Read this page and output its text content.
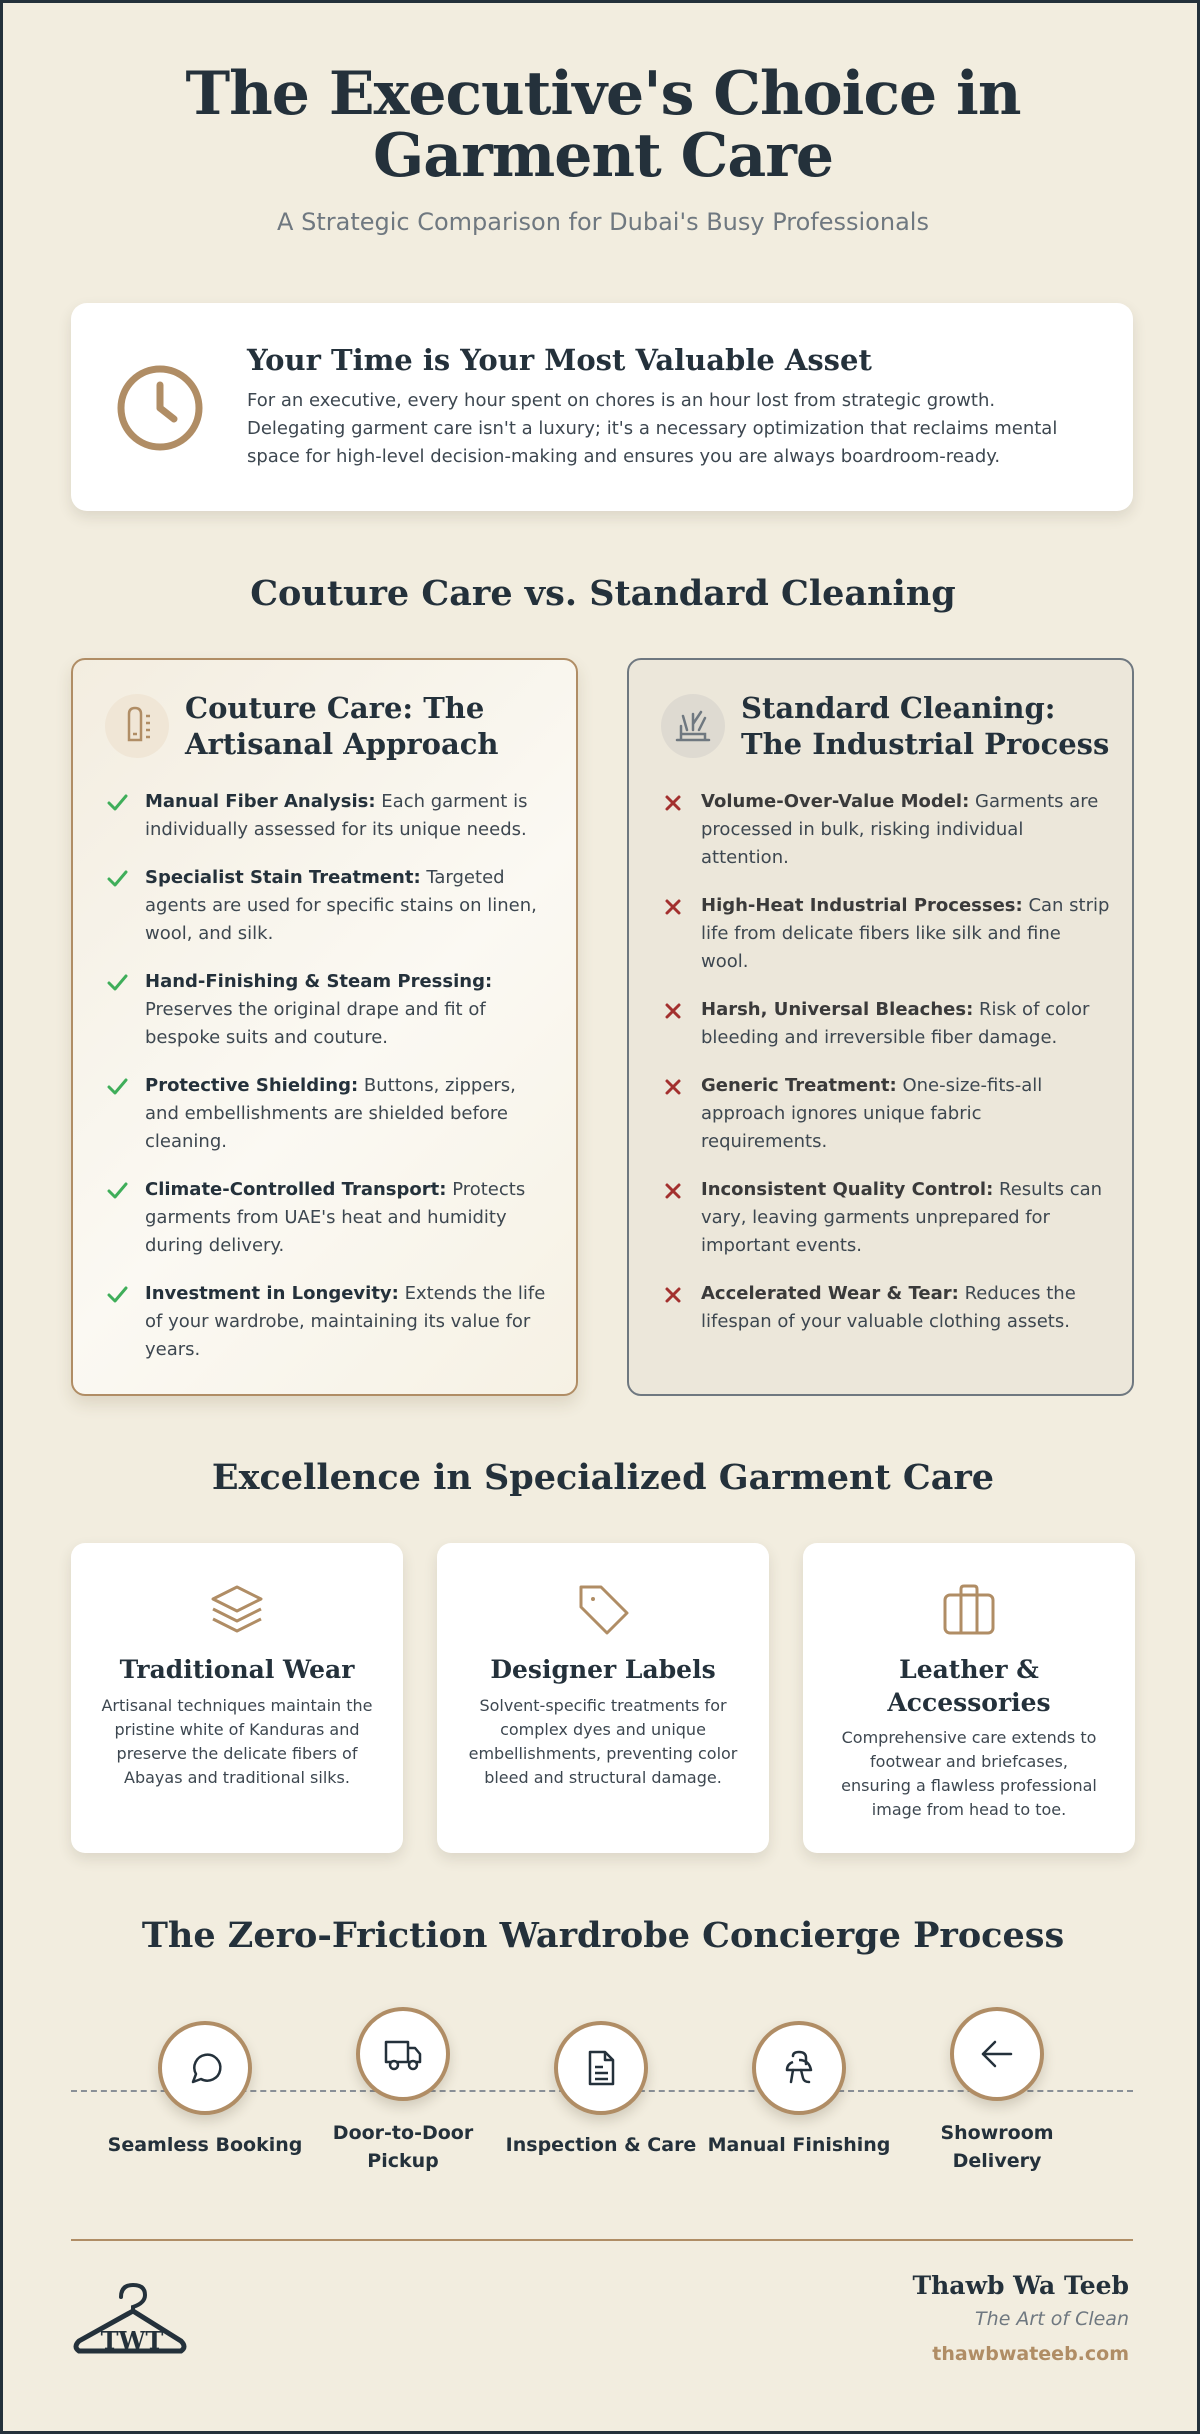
The Executive's Choice in
Garment Care
A Strategic Comparison for Dubai's Busy Professionals
Your Time is Your Most Valuable Asset
For an executive, every hour spent on chores is an hour lost from strategic growth. Delegating garment care isn't a luxury; it's a necessary optimization that reclaims mental space for high-level decision-making and ensures you are always boardroom-ready.
Couture Care vs. Standard Cleaning
Couture Care: The Artisanal Approach
Manual Fiber Analysis: Each garment is individually assessed for its unique needs.
Specialist Stain Treatment: Targeted agents are used for specific stains on linen, wool, and silk.
Hand-Finishing & Steam Pressing: Preserves the original drape and fit of bespoke suits and couture.
Protective Shielding: Buttons, zippers, and embellishments are shielded before cleaning.
Climate-Controlled Transport: Protects garments from UAE's heat and humidity during delivery.
Investment in Longevity: Extends the life of your wardrobe, maintaining its value for years.
Standard Cleaning: The Industrial Process
Volume-Over-Value Model: Garments are processed in bulk, risking individual attention.
High-Heat Industrial Processes: Can strip life from delicate fibers like silk and fine wool.
Harsh, Universal Bleaches: Risk of color bleeding and irreversible fiber damage.
Generic Treatment: One-size-fits-all approach ignores unique fabric requirements.
Inconsistent Quality Control: Results can vary, leaving garments unprepared for important events.
Accelerated Wear & Tear: Reduces the lifespan of your valuable clothing assets.
Excellence in Specialized Garment Care
Traditional Wear
Artisanal techniques maintain the pristine white of Kanduras and preserve the delicate fibers of Abayas and traditional silks.
Designer Labels
Solvent-specific treatments for complex dyes and unique embellishments, preventing color bleed and structural damage.
Leather & Accessories
Comprehensive care extends to footwear and briefcases, ensuring a flawless professional image from head to toe.
The Zero-Friction Wardrobe Concierge Process
Seamless Booking
Door-to-Door Pickup
Inspection & Care Manual Finishing
Showroom Delivery
TWT
Thawb Wa Teeb
The Art of Clean
thawbwateeb.com
